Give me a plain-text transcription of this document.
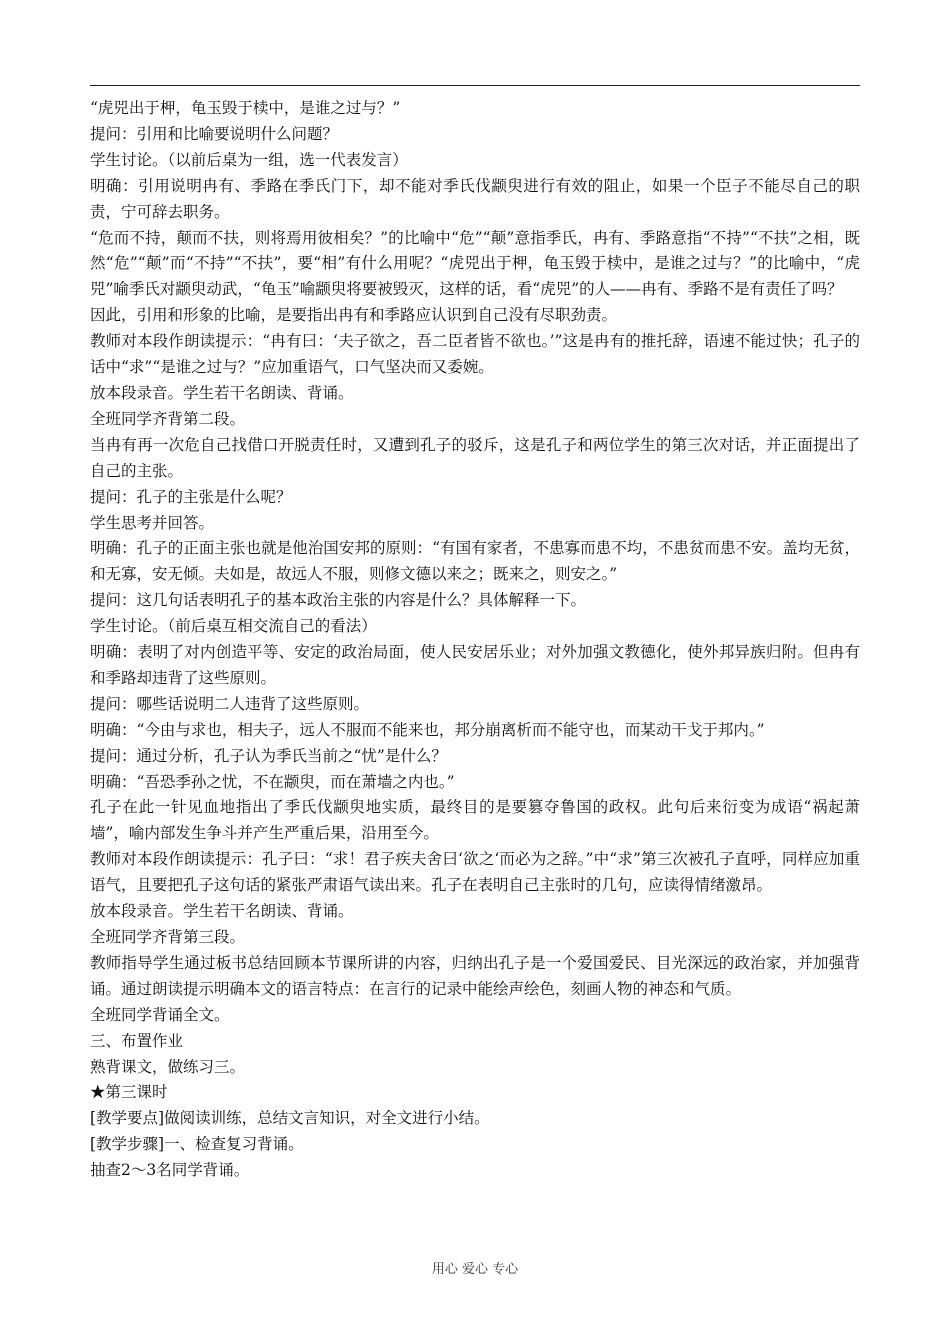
“虎兕出于柙，龟玉毁于椟中，是谁之过与？”

提问：引用和比喻要说明什么问题？

学生讨论。（以前后桌为一组，选一代表发言）

明确：引用说明冉有、季路在季氏门下，却不能对季氏伐颛臾进行有效的阻止，如果一个臣子不能尽自己的职责，宁可辞去职务。

“危而不持，颠而不扶，则将焉用彼相矣？”的比喻中“危”“颠”意指季氏，冉有、季路意指“不持”“不扶”之相，既然“危”“颠”而“不持”“不扶”，要“相”有什么用呢？“虎兕出于柙，龟玉毁于椟中，是谁之过与？”的比喻中，“虎兕”喻季氏对颛臾动武，“龟玉”喻颛臾将要被毁灭，这样的话，看“虎兕”的人——冉有、季路不是有责任了吗？

因此，引用和形象的比喻，是要指出冉有和季路应认识到自己没有尽职劲责。

教师对本段作朗读提示：“冉有曰：‘夫子欲之，吾二臣者皆不欲也。’”这是冉有的推托辞，语速不能过快；孔子的话中“求”“是谁之过与？”应加重语气，口气坚决而又委婉。

放本段录音。学生若干名朗读、背诵。

全班同学齐背第二段。

当冉有再一次危自己找借口开脱责任时，又遭到孔子的驳斥，这是孔子和两位学生的第三次对话，并正面提出了自己的主张。

提问：孔子的主张是什么呢？

学生思考并回答。

明确：孔子的正面主张也就是他治国安邦的原则：“有国有家者，不患寡而患不均，不患贫而患不安。盖均无贫，和无寡，安无倾。夫如是，故远人不服，则修文德以来之；既来之，则安之。”

提问：这几句话表明孔子的基本政治主张的内容是什么？具体解释一下。

学生讨论。（前后桌互相交流自己的看法）

明确：表明了对内创造平等、安定的政治局面，使人民安居乐业；对外加强文教德化，使外邦异族归附。但冉有和季路却违背了这些原则。

提问：哪些话说明二人违背了这些原则。

明确：“今由与求也，相夫子，远人不服而不能来也，邦分崩离析而不能守也，而某动干戈于邦内。”

提问：通过分析，孔子认为季氏当前之“忧”是什么？

明确：“吾恐季孙之忧，不在颛臾，而在萧墙之内也。”

孔子在此一针见血地指出了季氏伐颛臾地实质，最终目的是要篡夺鲁国的政权。此句后来衍变为成语“祸起萧墙”，喻内部发生争斗并产生严重后果，沿用至今。

教师对本段作朗读提示：孔子曰：“求！君子疾夫舍曰‘欲之‘而必为之辞。”中“求”第三次被孔子直呼，同样应加重语气，且要把孔子这句话的紧张严肃语气读出来。孔子在表明自己主张时的几句，应读得情绪激昂。

放本段录音。学生若干名朗读、背诵。

全班同学齐背第三段。

教师指导学生通过板书总结回顾本节课所讲的内容，归纳出孔子是一个爱国爱民、目光深远的政治家，并加强背诵。通过朗读提示明确本文的语言特点：在言行的记录中能绘声绘色，刻画人物的神态和气质。

全班同学背诵全文。

三、布置作业

熟背课文，做练习三。

★第三课时

[教学要点]做阅读训练，总结文言知识，对全文进行小结。

[教学步骤]一、检查复习背诵。

抽查2～3名同学背诵。

用心 爱心 专心
